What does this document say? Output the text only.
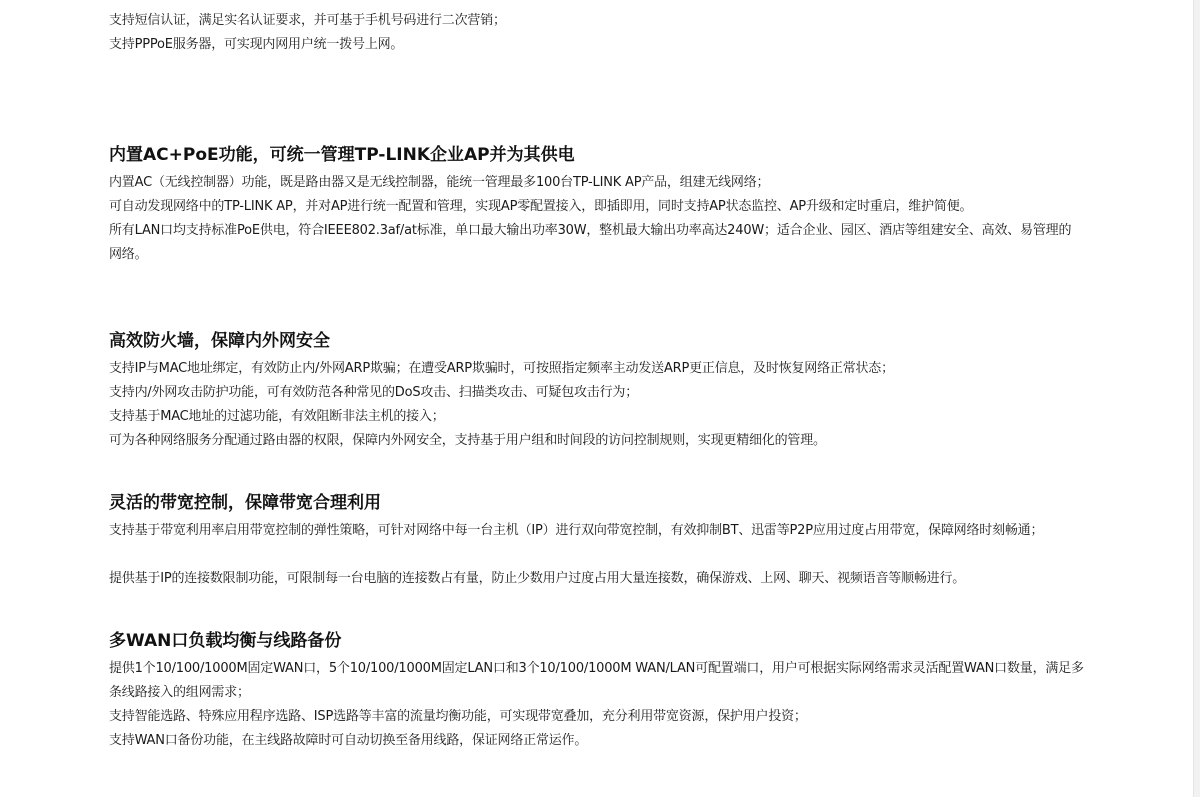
支持短信认证，满足实名认证要求，并可基于手机号码进行二次营销；
支持PPPoE服务器，可实现内网用户统一拨号上网。
内置AC+PoE功能，可统一管理TP-LINK企业AP并为其供电
内置AC（无线控制器）功能，既是路由器又是无线控制器，能统一管理最多100台TP-LINK AP产品，组建无线网络；
可自动发现网络中的TP-LINK AP，并对AP进行统一配置和管理，实现AP零配置接入，即插即用，同时支持AP状态监控、AP升级和定时重启，维护简便。
所有LAN口均支持标准PoE供电，符合IEEE802.3af/at标准，单口最大输出功率30W，整机最大输出功率高达240W；适合企业、园区、酒店等组建安全、高效、易管理的网络。
高效防火墙，保障内外网安全
支持IP与MAC地址绑定，有效防止内/外网ARP欺骗；在遭受ARP欺骗时，可按照指定频率主动发送ARP更正信息，及时恢复网络正常状态；
支持内/外网攻击防护功能，可有效防范各种常见的DoS攻击、扫描类攻击、可疑包攻击行为；
支持基于MAC地址的过滤功能，有效阻断非法主机的接入；
可为各种网络服务分配通过路由器的权限，保障内外网安全，支持基于用户组和时间段的访问控制规则，实现更精细化的管理。
灵活的带宽控制，保障带宽合理利用
支持基于带宽利用率启用带宽控制的弹性策略，可针对网络中每一台主机（IP）进行双向带宽控制，有效抑制BT、迅雷等P2P应用过度占用带宽，保障网络时刻畅通；
提供基于IP的连接数限制功能，可限制每一台电脑的连接数占有量，防止少数用户过度占用大量连接数，确保游戏、上网、聊天、视频语音等顺畅进行。
多WAN口负载均衡与线路备份
提供1个10/100/1000M固定WAN口，5个10/100/1000M固定LAN口和3个10/100/1000M WAN/LAN可配置端口，用户可根据实际网络需求灵活配置WAN口数量，满足多条线路接入的组网需求；
支持智能选路、特殊应用程序选路、ISP选路等丰富的流量均衡功能，可实现带宽叠加，充分利用带宽资源，保护用户投资；
支持WAN口备份功能，在主线路故障时可自动切换至备用线路，保证网络正常运作。
